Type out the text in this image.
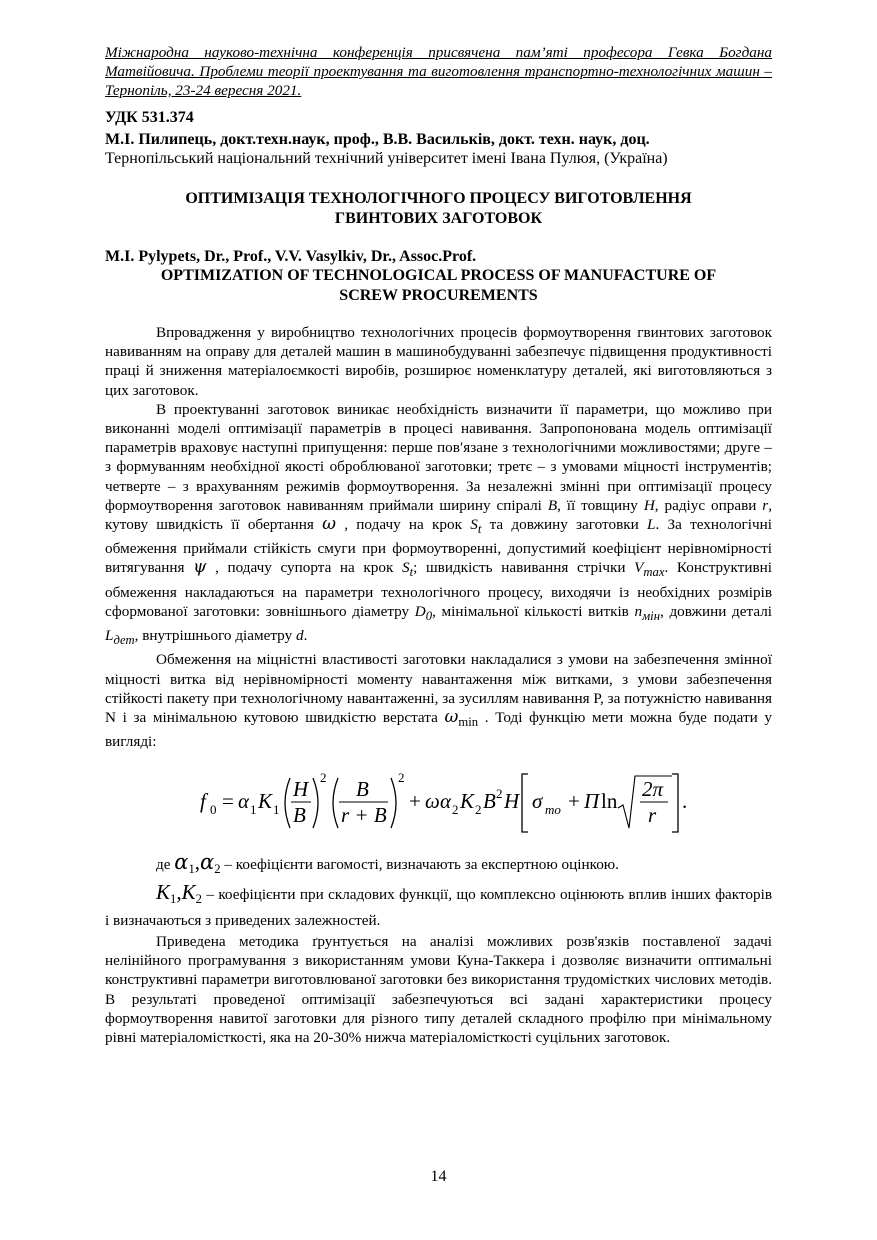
Міжнародна науково-технічна конференція присвячена пам’яті професора Гевка Богдана Матвійовича. Проблеми теорії проектування та виготовлення транспортно-технологічних машин – Тернопіль, 23-24 вересня 2021.
УДК 531.374
М.І. Пилипець, докт.техн.наук, проф., В.В. Васильків, докт. техн. наук, доц.
Тернопільський національний технічний університет імені Івана Пулюя, (Україна)
ОПТИМІЗАЦІЯ ТЕХНОЛОГІЧНОГО ПРОЦЕСУ ВИГОТОВЛЕННЯ
ГВИНТОВИХ ЗАГОТОВОК
M.I. Pylypets, Dr., Prof., V.V. Vasylkiv, Dr., Assoc.Prof.
OPTIMIZATION OF TECHNOLOGICAL PROCESS OF MANUFACTURE OF
SCREW PROCUREMENTS

Впровадження у виробництво технологічних процесів формоутворення гвинтових заготовок навиванням на оправу для деталей машин в машинобудуванні забезпечує підвищення продуктивності праці й зниження матеріалоємкості виробів, розширює номенклатуру деталей, які виготовляються з цих заготовок.

В проектуванні заготовок виникає необхідність визначити її параметри, що можливо при виконанні моделі оптимізації параметрів в процесі навивання. Запропонована модель оптимізації параметрів враховує наступні припущення: перше пов′язане з технологічними можливостями; друге – з формуванням необхідної якості оброблюваної заготовки; третє – з умовами міцності інструментів; четверте – з врахуванням режимів формоутворення. За незалежні змінні при оптимізації процесу формоутворення заготовок навиванням приймали ширину спіралі B, її товщину H, радіус оправи r, кутову швидкість її обертання ω , подачу на крок $S_t$ та довжину заготовки L. За технологічні обмеження приймали стійкість смуги при формоутворенні, допустимий коефіцієнт нерівномірності витягування ψ , подачу супорта на крок $S_t$; швидкість навивання стрічки $V_{max}$. Конструктивні обмеження накладаються на параметри технологічного процесу, виходячи із необхідних розмірів сформованої заготовки: зовнішнього діаметру $D_0$, мінімальної кількості витків $n_{мін}$, довжини деталі $L_{дет}$, внутрішнього діаметру d.

Обмеження на міцністні властивості заготовки накладалися з умови на забезпечення змінної міцності витка від нерівномірності моменту навантаження між витками, з умови забезпечення стійкості пакету при технологічному навантаженні, за зусиллям навивання Р, за потужністю навивання N і за мінімальною кутовою швидкістю верстата $\omega_{min}$ . Тоді функцію мети можна буде подати у вигляді:

f 0 = α 1 K 1
H
B
2 B
r + B
2
+ ω α 2 K 2 B 2 H σ то + Π ln 2π
r
.

де $\alpha_1,\alpha_2$ – коефіцієнти вагомості, визначають за експертною оцінкою.

$K_1,K_2$ – коефіцієнти при складових функції, що комплексно оцінюють вплив інших факторів і визначаються з приведених залежностей.

Приведена методика ґрунтується на аналізі можливих розв'язків поставленої задачі нелінійного програмування з використанням умови Куна-Таккера і дозволяє визначити оптимальні конструктивні параметри виготовлюваної заготовки без використання трудомістких числових методів. В результаті проведеної оптимізації забезпечуються всі задані характеристики процесу формоутворення навитої заготовки для різного типу деталей складного профілю при мінімальному рівні матеріаломісткості, яка на 20-30% нижча матеріаломісткості суцільних заготовок.

14
